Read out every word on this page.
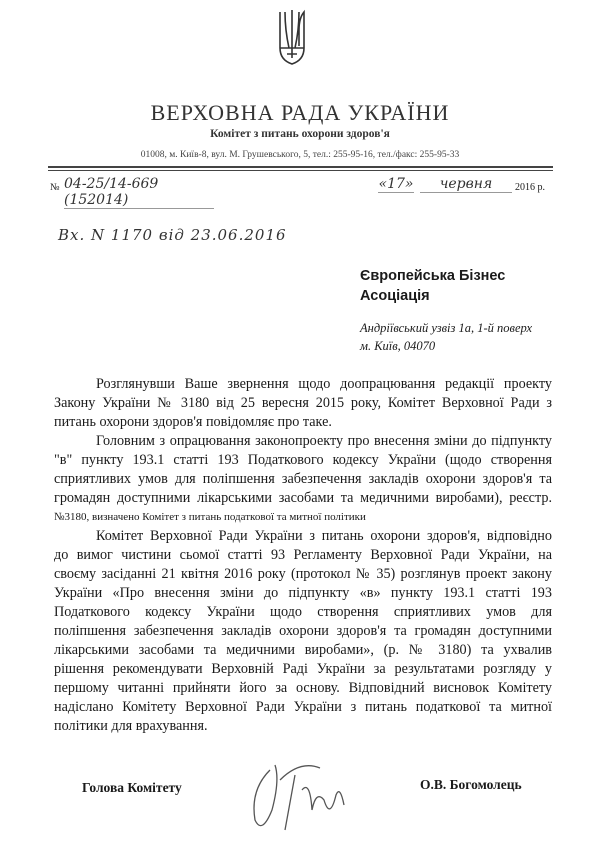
ВЕРХОВНА РАДА УКРАЇНИ
Комітет з питань охорони здоров'я
01008, м. Київ-8, вул. М. Грушевського, 5, тел.: 255-95-16, тел./факс: 255-95-33
№ 04-25/14-669 (152014)
«17»	червня	2016 р.
Вх. N 1170 від 23.06.2016
Європейська Бізнес
Асоціація
Андріївський узвіз 1а, 1-й поверх
м. Київ, 04070
Розглянувши Ваше звернення щодо доопрацювання редакції проекту
Закону України № 3180 від 25 вересня 2015 року, Комітет Верховної Ради з
питань охорони здоров'я повідомляє про таке.
Головним з опрацювання законопроекту про внесення зміни до підпункту
"в" пункту 193.1 статті 193 Податкового кодексу України (щодо створення
сприятливих умов для поліпшення забезпечення закладів охорони здоров'я та
громадян доступними лікарськими засобами та медичними виробами), реєстр.
№3180, визначено Комітет з питань податкової та митної політики
Комітет Верховної Ради України з питань охорони здоров'я, відповідно
до вимог чистини сьомої статті 93 Регламенту Верховної Ради України, на
своєму засіданні 21 квітня 2016 року (протокол № 35) розглянув проект закону
України «Про внесення зміни до підпункту «в» пункту 193.1 статті 193
Податкового кодексу України щодо створення сприятливих умов для
поліпшення забезпечення закладів охорони здоров'я та громадян доступними
лікарськими засобами та медичними виробами», (р. № 3180) та ухвалив
рішення рекомендувати Верховній Раді України за результатами розгляду у
першому читанні прийняти його за основу. Відповідний висновок Комітету
надіслано Комітету Верховної Ради України з питань податкової та митної
політики для врахування.
Голова Комітету	О.В. Богомолець
